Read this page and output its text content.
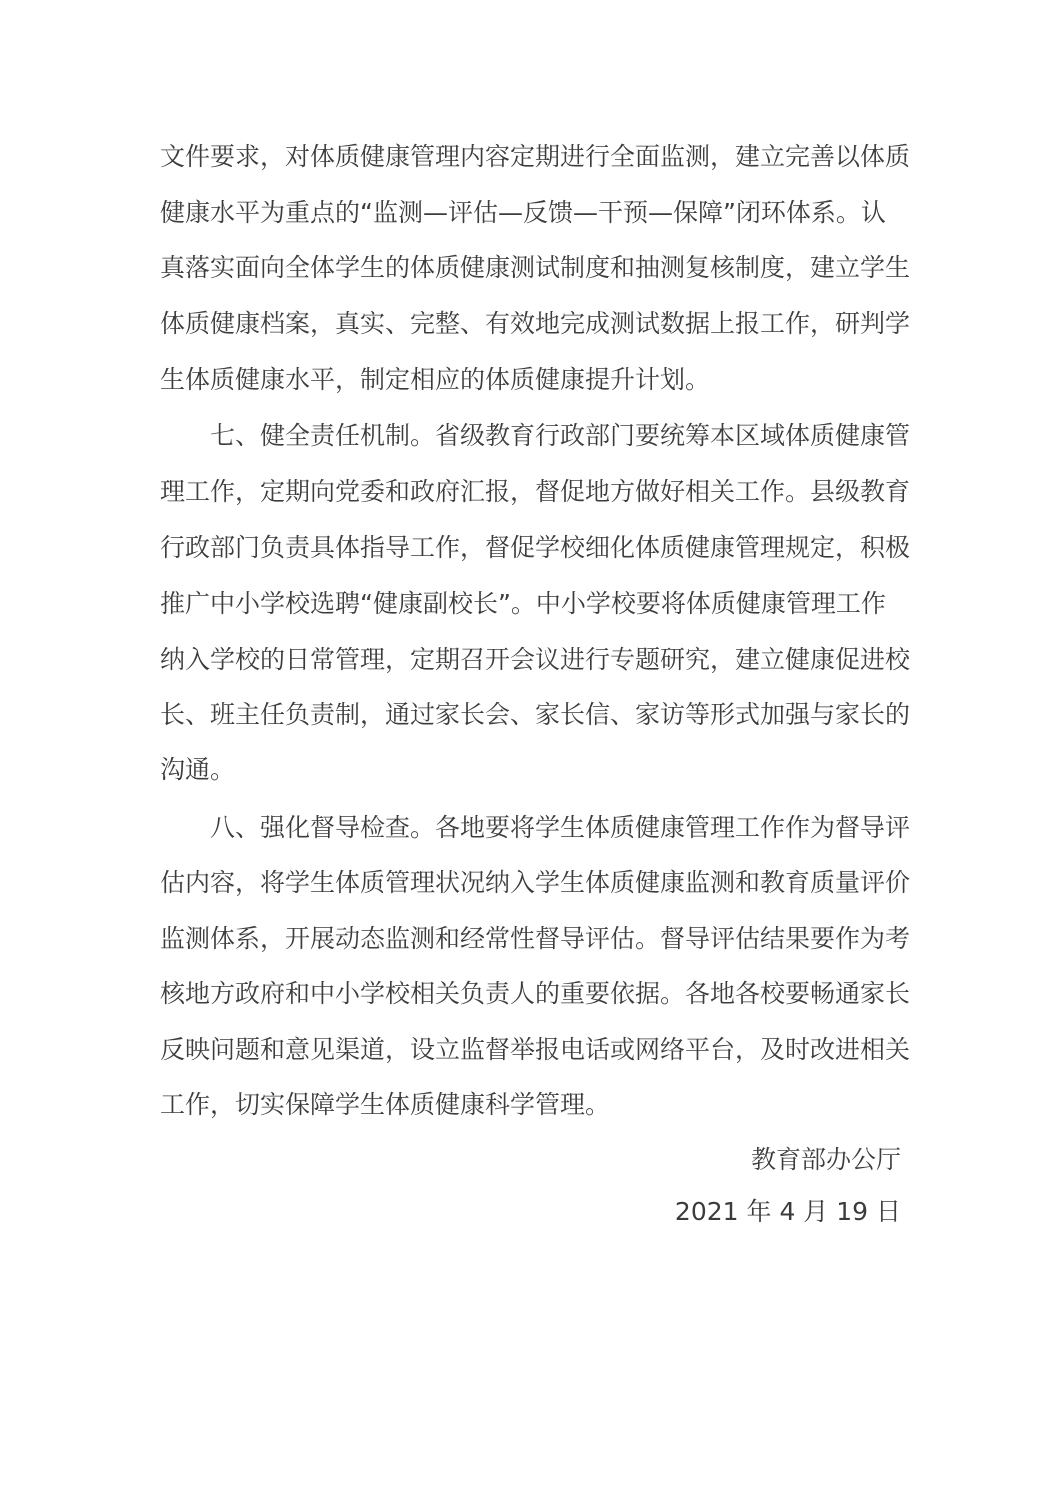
文件要求，对体质健康管理内容定期进行全面监测，建立完善以体质
健康水平为重点的“监测—评估—反馈—干预—保障”闭环体系。认
真落实面向全体学生的体质健康测试制度和抽测复核制度，建立学生
体质健康档案，真实、完整、有效地完成测试数据上报工作，研判学
生体质健康水平，制定相应的体质健康提升计划。
七、健全责任机制。省级教育行政部门要统筹本区域体质健康管
理工作，定期向党委和政府汇报，督促地方做好相关工作。县级教育
行政部门负责具体指导工作，督促学校细化体质健康管理规定，积极
推广中小学校选聘“健康副校长”。中小学校要将体质健康管理工作
纳入学校的日常管理，定期召开会议进行专题研究，建立健康促进校
长、班主任负责制，通过家长会、家长信、家访等形式加强与家长的
沟通。
八、强化督导检查。各地要将学生体质健康管理工作作为督导评
估内容，将学生体质管理状况纳入学生体质健康监测和教育质量评价
监测体系，开展动态监测和经常性督导评估。督导评估结果要作为考
核地方政府和中小学校相关负责人的重要依据。各地各校要畅通家长
反映问题和意见渠道，设立监督举报电话或网络平台，及时改进相关
工作，切实保障学生体质健康科学管理。
教育部办公厅
2021 年 4 月 19 日
